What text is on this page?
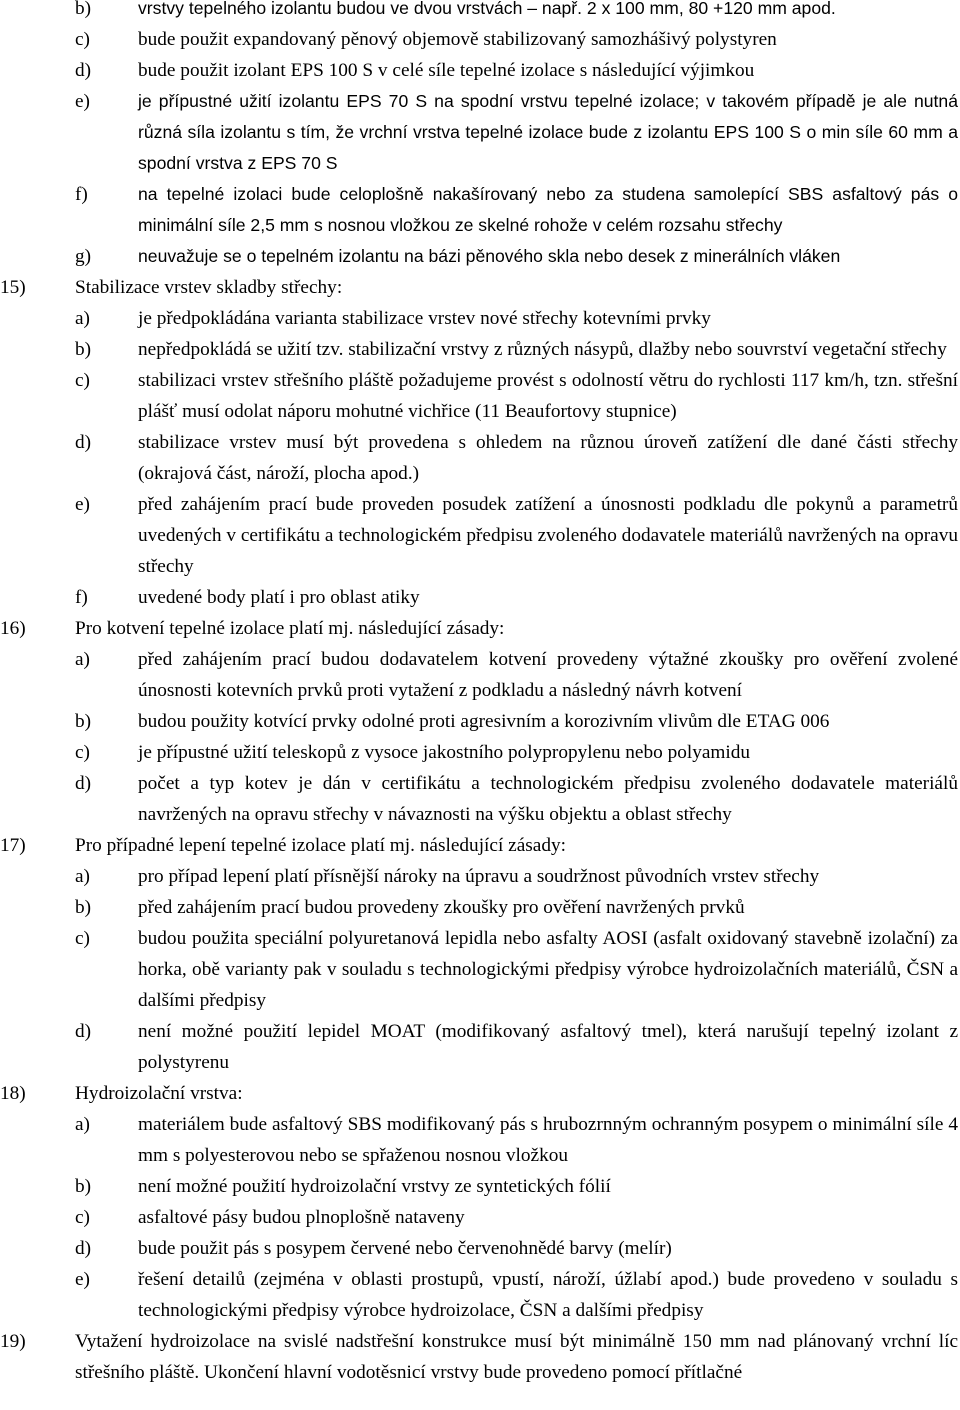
b)	vrstvy tepelného izolantu budou ve dvou vrstvách – např. 2 x 100 mm, 80 +120 mm apod.
c)	bude použit expandovaný pěnový objemově stabilizovaný samozhášivý polystyren
d)	bude použit izolant EPS 100 S v celé síle tepelné izolace s následující výjimkou
e)	je přípustné užití izolantu EPS 70 S na spodní vrstvu tepelné izolace; v takovém případě je ale nutná různá síla izolantu s tím, že vrchní vrstva tepelné izolace bude z izolantu EPS 100 S o min síle 60 mm a spodní vrstva z EPS 70 S
f)	na tepelné izolaci bude celoplošně nakašírovaný nebo za studena samolepící SBS asfaltový pás o minimální síle 2,5 mm s nosnou vložkou ze skelné rohože v celém rozsahu střechy
g)	neuvažuje se o tepelném izolantu na bázi pěnového skla nebo desek z minerálních vláken
15)	Stabilizace vrstev skladby střechy:
a)	je předpokládána varianta stabilizace vrstev nové střechy kotevními prvky
b)	nepředpokládá se užití tzv. stabilizační vrstvy z různých násypů, dlažby nebo souvrství vegetační střechy
c)	stabilizaci vrstev střešního pláště požadujeme provést s odolností větru do rychlosti 117 km/h, tzn. střešní plášť musí odolat náporu mohutné vichřice (11 Beaufortovy stupnice)
d)	stabilizace vrstev musí být provedena s ohledem na různou úroveň zatížení dle dané části střechy (okrajová část, nároží, plocha apod.)
e)	před zahájením prací bude proveden posudek zatížení a únosnosti podkladu dle pokynů a parametrů uvedených v certifikátu a technologickém předpisu zvoleného dodavatele materiálů navržených na opravu střechy
f)	uvedené body platí i pro oblast atiky
16)	Pro kotvení tepelné izolace platí mj. následující zásady:
a)	před zahájením prací budou dodavatelem kotvení provedeny výtažné zkoušky pro ověření zvolené únosnosti kotevních prvků proti vytažení z podkladu a následný návrh kotvení
b)	budou použity kotvící prvky odolné proti agresivním a korozivním vlivům dle ETAG 006
c)	je přípustné užití teleskopů z vysoce jakostního polypropylenu nebo polyamidu
d)	počet a typ kotev je dán v certifikátu a technologickém předpisu zvoleného dodavatele materiálů navržených na opravu střechy v návaznosti na výšku objektu a oblast střechy
17)	Pro případné lepení tepelné izolace platí mj. následující zásady:
a)	pro případ lepení platí přísnější nároky na úpravu a soudržnost původních vrstev střechy
b)	před zahájením prací budou provedeny zkoušky pro ověření navržených prvků
c)	budou použita speciální polyuretanová lepidla nebo asfalty AOSI (asfalt oxidovaný stavebně izolační) za horka, obě varianty pak v souladu s technologickými předpisy výrobce hydroizolačních materiálů, ČSN a dalšími předpisy
d)	není možné použití lepidel MOAT (modifikovaný asfaltový tmel), která narušují tepelný izolant z polystyrenu
18)	Hydroizolační vrstva:
a)	materiálem bude asfaltový SBS modifikovaný pás s hrubozrnným ochranným posypem o minimální síle 4 mm s polyesterovou nebo se spřaženou nosnou vložkou
b)	není možné použití hydroizolační vrstvy ze syntetických fólií
c)	asfaltové pásy budou plnoplošně nataveny
d)	bude použit pás s posypem červené nebo červenohnědé barvy (melír)
e)	řešení detailů (zejména v oblasti prostupů, vpustí, nároží, úžlabí apod.) bude provedeno v souladu s technologickými předpisy výrobce hydroizolace, ČSN a dalšími předpisy
19)	Vytažení hydroizolace na svislé nadstřešní konstrukce musí být minimálně 150 mm nad plánovaný vrchní líc střešního pláště. Ukončení hlavní vodotěsnicí vrstvy bude provedeno pomocí přítlačné
